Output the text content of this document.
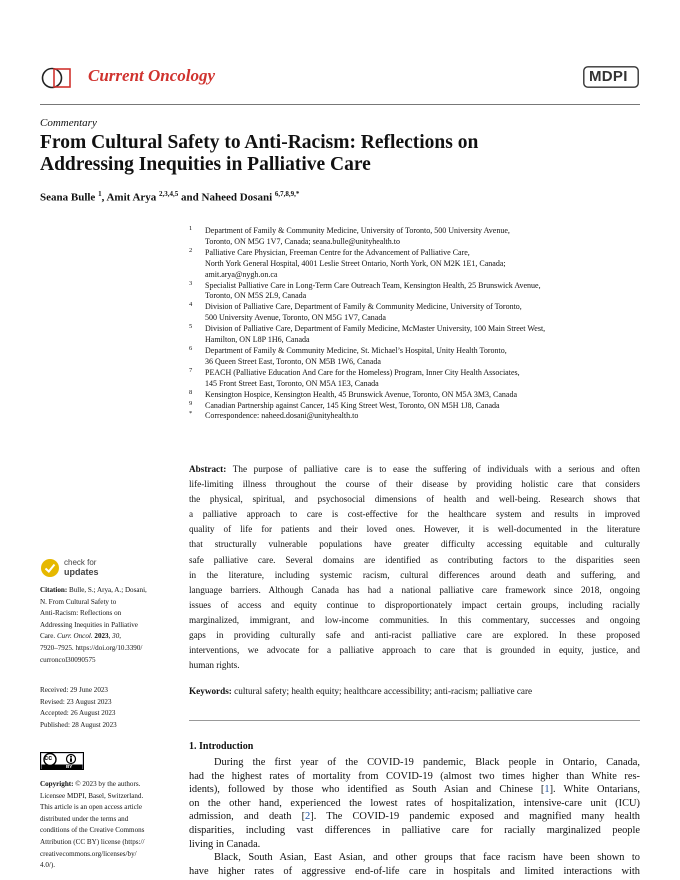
Current Oncology	MDPI
Commentary
From Cultural Safety to Anti-Racism: Reflections on
Addressing Inequities in Palliative Care
Seana Bulle $^1$, Amit Arya $^{2,3,4,5}$ and Naheed Dosani $^{6,7,8,9,*}$
1	Department of Family & Community Medicine, University of Toronto, 500 University Avenue,
Toronto, ON M5G 1V7, Canada; seana.bulle@unityhealth.to
2	Palliative Care Physician, Freeman Centre for the Advancement of Palliative Care,
North York General Hospital, 4001 Leslie Street Ontario, North York, ON M2K 1E1, Canada;
amit.arya@nygh.on.ca
3	Specialist Palliative Care in Long-Term Care Outreach Team, Kensington Health, 25 Brunswick Avenue,
Toronto, ON M5S 2L9, Canada
4	Division of Palliative Care, Department of Family & Community Medicine, University of Toronto,
500 University Avenue, Toronto, ON M5G 1V7, Canada
5	Division of Palliative Care, Department of Family Medicine, McMaster University, 100 Main Street West,
Hamilton, ON L8P 1H6, Canada
6	Department of Family & Community Medicine, St. Michael’s Hospital, Unity Health Toronto,
36 Queen Street East, Toronto, ON M5B 1W6, Canada
7	PEACH (Palliative Education And Care for the Homeless) Program, Inner City Health Associates,
145 Front Street East, Toronto, ON M5A 1E3, Canada
8	Kensington Hospice, Kensington Health, 45 Brunswick Avenue, Toronto, ON M5A 3M3, Canada
9	Canadian Partnership against Cancer, 145 King Street West, Toronto, ON M5H 1J8, Canada
*	Correspondence: naheed.dosani@unityhealth.to
Abstract: The purpose of palliative care is to ease the suffering of individuals with a serious and often
life-limiting illness throughout the course of their disease by providing holistic care that considers
the physical, spiritual, and psychosocial dimensions of health and well-being. Research shows that
a palliative approach to care is cost-effective for the healthcare system and results in improved
quality of life for patients and their loved ones. However, it is well-documented in the literature
that structurally vulnerable populations have greater difficulty accessing equitable and culturally
safe palliative care. Several domains are identified as contributing factors to the disparities seen
in the literature, including systemic racism, cultural differences around death and suffering, and
language barriers. Although Canada has had a national palliative care framework since 2018, ongoing
issues of access and equity continue to disproportionately impact certain groups, including racially
marginalized, immigrant, and low-income communities. In this commentary, successes and ongoing
gaps in providing culturally safe and anti-racist palliative care are explored. In these proposed
interventions, we advocate for a palliative approach to care that is grounded in equity, justice, and
human rights.
Keywords: cultural safety; health equity; healthcare accessibility; anti-racism; palliative care
1. Introduction
During the first year of the COVID-19 pandemic, Black people in Ontario, Canada,
had the highest rates of mortality from COVID-19 (almost two times higher than White res-
idents), followed by those who identified as South Asian and Chinese [1]. White Ontarians,
on the other hand, experienced the lowest rates of hospitalization, intensive-care unit (ICU)
admission, and death [2]. The COVID-19 pandemic exposed and magnified many health
disparities, including vast differences in palliative care for racially marginalized people
living in Canada.
Black, South Asian, East Asian, and other groups that face racism have been shown to
have higher rates of aggressive end-of-life care in hospitals and limited interactions with
check for
updates
Citation: Bulle, S.; Arya, A.; Dosani,
N. From Cultural Safety to
Anti-Racism: Reflections on
Addressing Inequities in Palliative
Care. Curr. Oncol. 2023, 30,
7920–7925. https://doi.org/10.3390/
curroncol30090575
Received: 29 June 2023
Revised: 23 August 2023
Accepted: 26 August 2023
Published: 28 August 2023
cc
BY
Copyright: © 2023 by the authors.
Licensee MDPI, Basel, Switzerland.
This article is an open access article
distributed under the terms and
conditions of the Creative Commons
Attribution (CC BY) license (https://
creativecommons.org/licenses/by/
4.0/).
